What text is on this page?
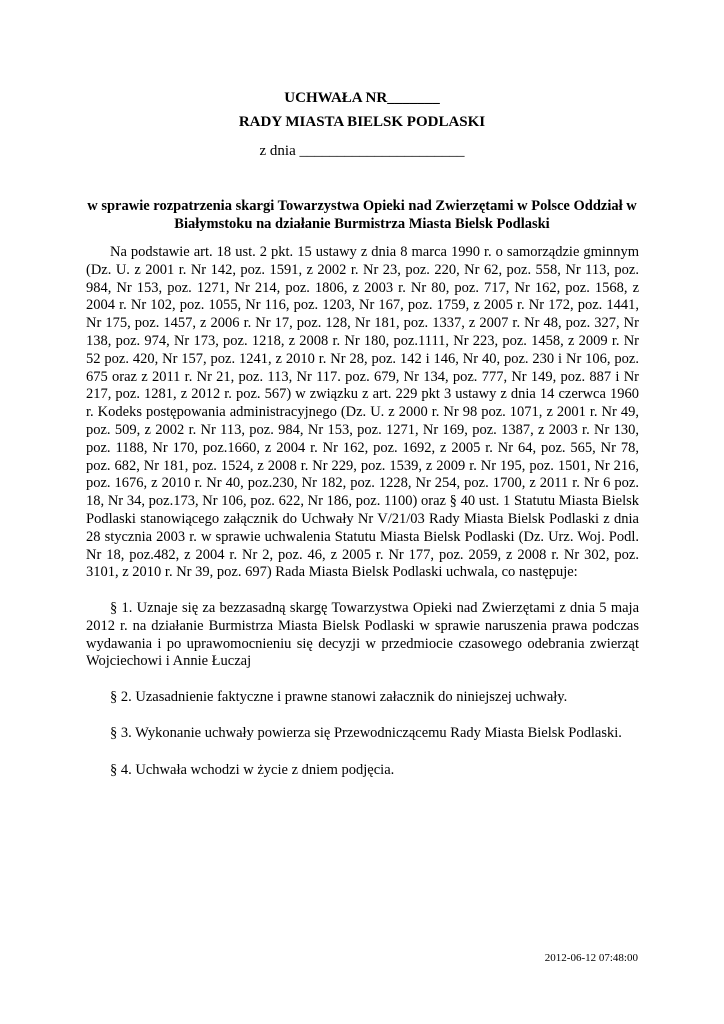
UCHWAŁA NR_______
RADY MIASTA BIELSK PODLASKI
z dnia ______________________
w sprawie rozpatrzenia skargi Towarzystwa Opieki nad Zwierzętami w Polsce Oddział w Białymstoku na działanie Burmistrza Miasta Bielsk Podlaski
Na podstawie art. 18 ust. 2 pkt. 15 ustawy z dnia 8 marca 1990 r. o samorządzie gminnym (Dz. U. z 2001 r. Nr 142, poz. 1591, z 2002 r. Nr 23, poz. 220, Nr 62, poz. 558, Nr 113, poz. 984, Nr 153, poz. 1271, Nr 214, poz. 1806, z 2003 r. Nr 80, poz. 717, Nr 162, poz. 1568, z 2004 r. Nr 102, poz. 1055, Nr 116, poz. 1203, Nr 167, poz. 1759, z 2005 r. Nr 172, poz. 1441, Nr 175, poz. 1457, z 2006 r. Nr 17, poz. 128, Nr 181, poz. 1337, z 2007 r. Nr 48, poz. 327, Nr 138, poz. 974, Nr 173, poz. 1218, z 2008 r. Nr 180, poz.1111, Nr 223, poz. 1458, z 2009 r. Nr 52 poz. 420, Nr 157, poz. 1241, z 2010 r. Nr 28, poz. 142 i 146, Nr 40, poz. 230 i Nr 106, poz. 675 oraz z 2011 r. Nr 21, poz. 113, Nr 117. poz. 679, Nr 134, poz. 777, Nr 149, poz. 887 i Nr 217, poz. 1281, z 2012 r. poz. 567) w związku z art. 229 pkt 3 ustawy z dnia 14 czerwca 1960 r. Kodeks postępowania administracyjnego (Dz. U. z 2000 r. Nr 98 poz. 1071, z 2001 r. Nr 49, poz. 509, z 2002 r. Nr 113, poz. 984, Nr 153, poz. 1271, Nr 169, poz. 1387, z 2003 r. Nr 130, poz. 1188, Nr 170, poz.1660, z 2004 r. Nr 162, poz. 1692, z 2005 r. Nr 64, poz. 565, Nr 78, poz. 682, Nr 181, poz. 1524, z 2008 r. Nr 229, poz. 1539, z 2009 r. Nr 195, poz. 1501, Nr 216, poz. 1676, z 2010 r. Nr 40, poz.230, Nr 182, poz. 1228, Nr 254, poz. 1700, z 2011 r. Nr 6 poz. 18, Nr 34, poz.173, Nr 106, poz. 622, Nr 186, poz. 1100) oraz § 40 ust. 1 Statutu Miasta Bielsk Podlaski stanowiącego załącznik do Uchwały Nr V/21/03 Rady Miasta Bielsk Podlaski z dnia 28 stycznia 2003 r. w sprawie uchwalenia Statutu Miasta Bielsk Podlaski (Dz. Urz. Woj. Podl. Nr 18, poz.482, z 2004 r. Nr 2, poz. 46, z 2005 r. Nr 177, poz. 2059, z 2008 r. Nr 302, poz. 3101, z 2010 r. Nr 39, poz. 697) Rada Miasta Bielsk Podlaski uchwala, co następuje:
§ 1. Uznaje się za bezzasadną skargę Towarzystwa Opieki nad Zwierzętami z dnia 5 maja 2012 r. na działanie Burmistrza Miasta Bielsk Podlaski w sprawie naruszenia prawa podczas wydawania i po uprawomocnieniu się decyzji w przedmiocie czasowego odebrania zwierząt Wojciechowi i Annie Łuczaj
§ 2. Uzasadnienie faktyczne i prawne stanowi załacznik do niniejszej uchwały.
§ 3. Wykonanie uchwały powierza się Przewodniczącemu Rady Miasta Bielsk Podlaski.
§ 4. Uchwała wchodzi w życie z dniem podjęcia.
2012-06-12 07:48:00
